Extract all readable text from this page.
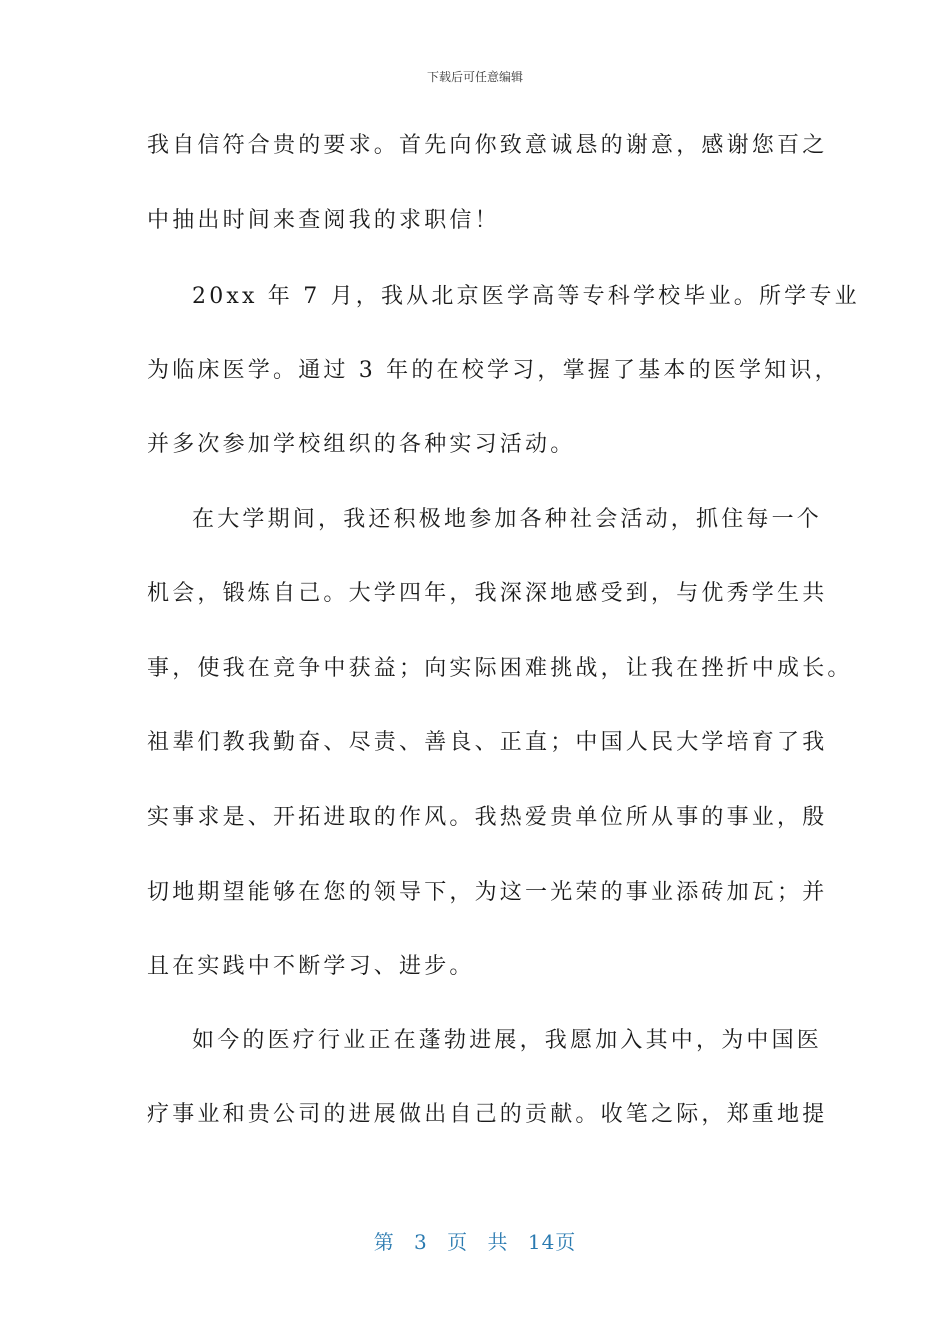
下载后可任意编辑
我自信符合贵的要求。首先向你致意诚恳的谢意，感谢您百之
中抽出时间来查阅我的求职信！
20xx 年 7 月，我从北京医学高等专科学校毕业。所学专业
为临床医学。通过 3 年的在校学习，掌握了基本的医学知识，
并多次参加学校组织的各种实习活动。
在大学期间，我还积极地参加各种社会活动，抓住每一个
机会，锻炼自己。大学四年，我深深地感受到，与优秀学生共
事，使我在竞争中获益；向实际困难挑战，让我在挫折中成长。
祖辈们教我勤奋、尽责、善良、正直；中国人民大学培育了我
实事求是、开拓进取的作风。我热爱贵单位所从事的事业，殷
切地期望能够在您的领导下，为这一光荣的事业添砖加瓦；并
且在实践中不断学习、进步。
如今的医疗行业正在蓬勃进展，我愿加入其中，为中国医
疗事业和贵公司的进展做出自己的贡献。收笔之际，郑重地提
第 3 页 共 14页
